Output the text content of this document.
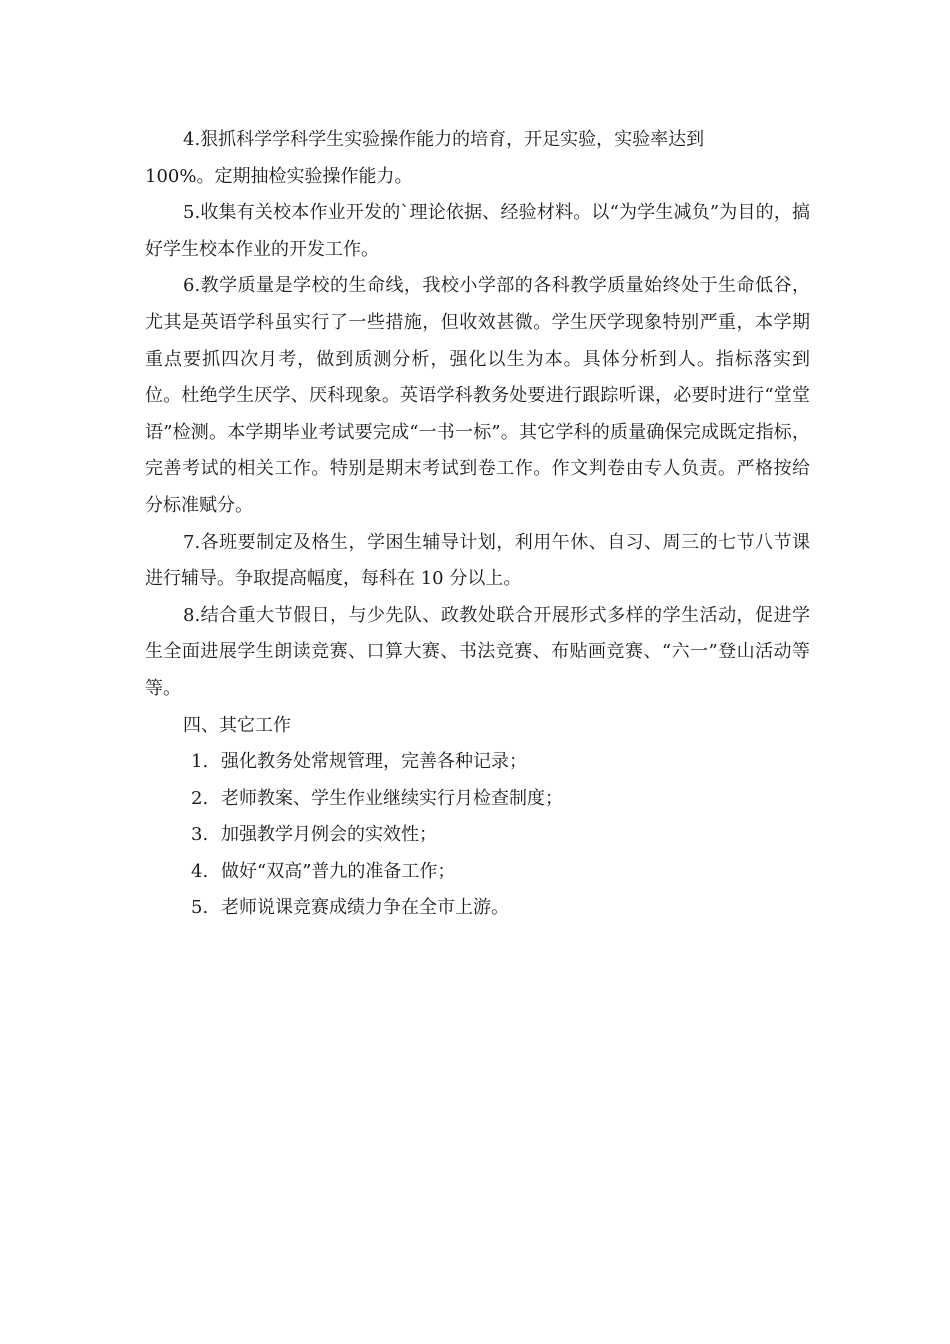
4.狠抓科学学科学生实验操作能力的培育，开足实验，实验率达到
100%。定期抽检实验操作能力。

5.收集有关校本作业开发的`理论依据、经验材料。以“为学生减负”为目的，搞好学生校本作业的开发工作。

6.教学质量是学校的生命线，我校小学部的各科教学质量始终处于生命低谷，尤其是英语学科虽实行了一些措施，但收效甚微。学生厌学现象特别严重，本学期重点要抓四次月考，做到质测分析，强化以生为本。具体分析到人。指标落实到位。杜绝学生厌学、厌科现象。英语学科教务处要进行跟踪听课，必要时进行“堂堂语”检测。本学期毕业考试要完成“一书一标”。其它学科的质量确保完成既定指标，完善考试的相关工作。特别是期末考试到卷工作。作文判卷由专人负责。严格按给分标准赋分。

7.各班要制定及格生，学困生辅导计划，利用午休、自习、周三的七节八节课进行辅导。争取提高幅度，每科在 10 分以上。

8.结合重大节假日，与少先队、政教处联合开展形式多样的学生活动，促进学生全面进展学生朗读竞赛、口算大赛、书法竞赛、布贴画竞赛、“六一”登山活动等等。

四、其它工作

1. 强化教务处常规管理，完善各种记录；
2. 老师教案、学生作业继续实行月检查制度；
3. 加强教学月例会的实效性；
4. 做好“双高”普九的准备工作；
5. 老师说课竞赛成绩力争在全市上游。
